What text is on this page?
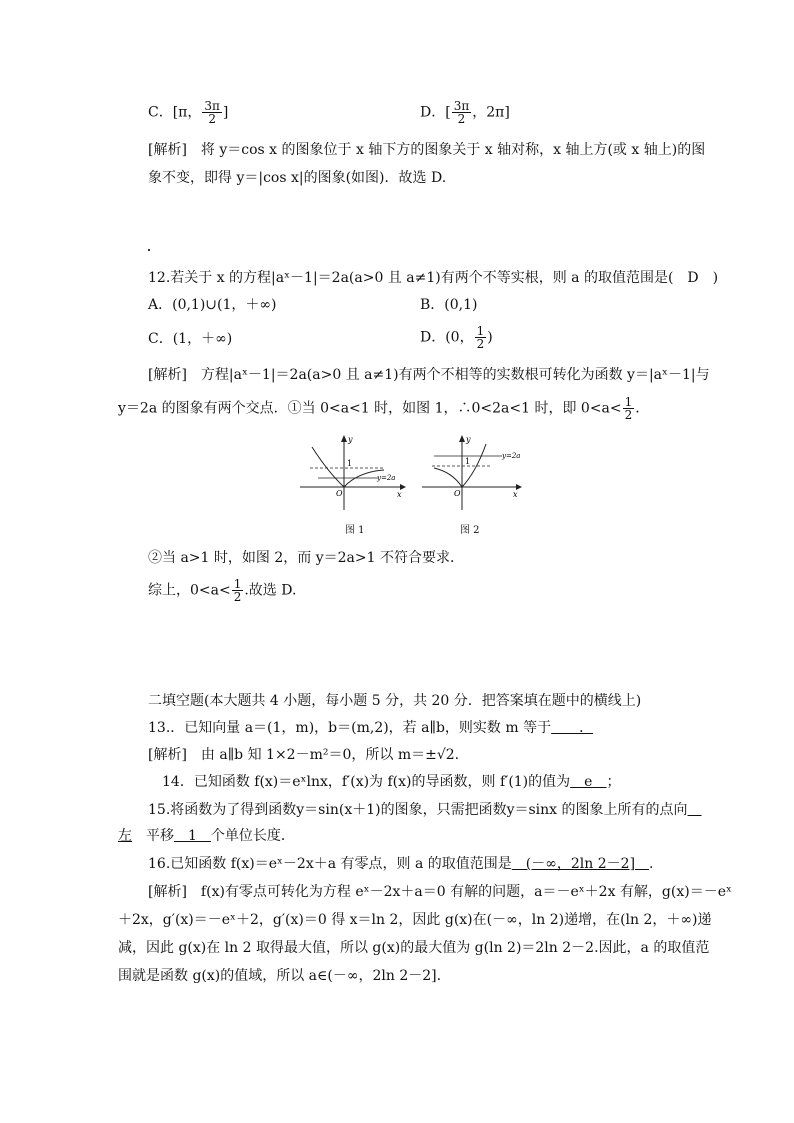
C．[π， $\frac{3\pi}{2}$ ]	D．[ $\frac{3\pi}{2}$ ，2π]
[解析]　将 y＝cos x 的图象位于 x 轴下方的图象关于 x 轴对称，x 轴上方(或 x 轴上)的图
象不变，即得 y＝|cos x|的图象(如图)．故选 D.
12.若关于 x 的方程|aˣ－1|＝2a(a>0 且 a≠1)有两个不等实根，则 a 的取值范围是(　D　)
A．(0,1)∪(1，＋∞)	B．(0,1)
C．(1，＋∞)	D．(0， $\frac{1}{2}$ )
[解析]　方程|aˣ－1|＝2a(a>0 且 a≠1)有两个不相等的实数根可转化为函数 y＝|aˣ－1|与
y＝2a 的图象有两个交点．①当 0<a<1 时，如图 1，∴0<2a<1 时，即 $0<a< \frac{1}{2}$ .
1
O
y
x
y=2a
图 1
1
O
y
x
y=2a
图 2
②当 a>1 时，如图 2，而 y＝2a>1 不符合要求．
综上，$0<a< \frac{1}{2}$ .故选 D.
二填空题(本大题共 4 小题，每小题 5 分，共 20 分．把答案填在题中的横线上)
13.．已知向量 a＝(1，m)，b＝(m,2)，若 a∥b，则实数 m 等于　　．
[解析]　由 a∥b 知 1×2－m²＝0，所以 m＝±√2.
14．已知函数 f(x)＝eˣlnx，f′(x)为 f(x)的导函数，则 f′(1)的值为　e　；
15.将函数为了得到函数y＝sin(x＋1)的图象，只需把函数y＝sinx 的图象上所有的点向　
左　平移　1　个单位长度．
16.已知函数 f(x)＝eˣ－2x＋a 有零点，则 a 的取值范围是　(－∞，2ln 2－2]　.
[解析]　f(x)有零点可转化为方程 eˣ－2x＋a＝0 有解的问题，a＝－eˣ＋2x 有解，g(x)＝－eˣ
＋2x，g′(x)＝－eˣ＋2，g′(x)＝0 得 x＝ln 2，因此 g(x)在(－∞，ln 2)递增，在(ln 2，＋∞)递
减，因此 g(x)在 ln 2 取得最大值，所以 g(x)的最大值为 g(ln 2)＝2ln 2－2.因此，a 的取值范
围就是函数 g(x)的值域，所以 a∈(－∞，2ln 2－2].
